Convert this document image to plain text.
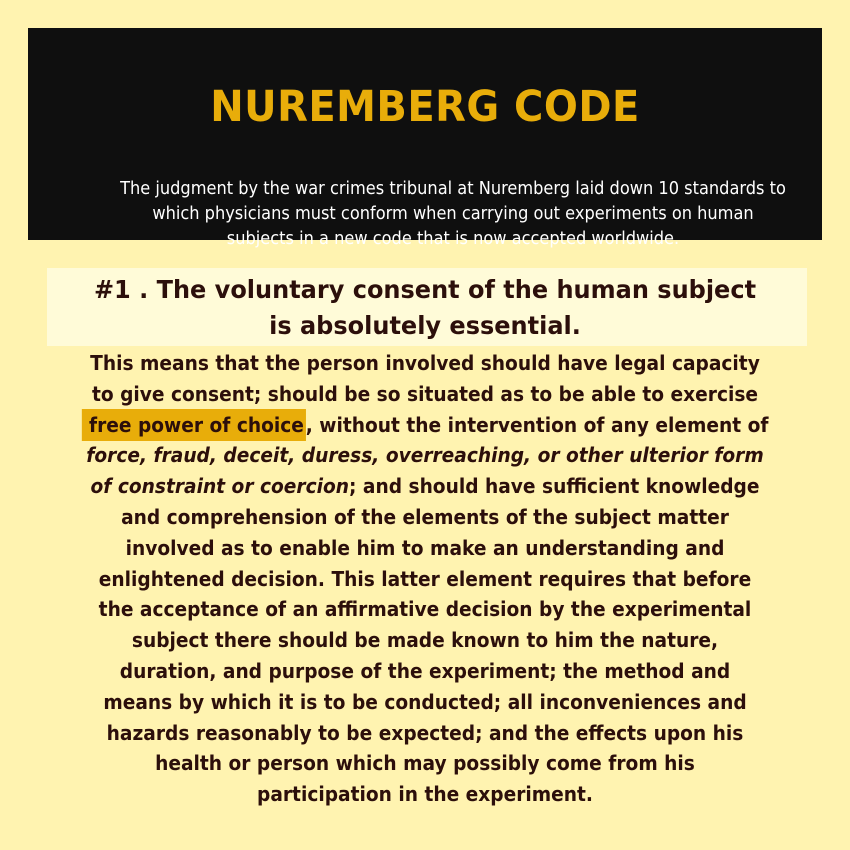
NUREMBERG CODE
The judgment by the war crimes tribunal at Nuremberg laid down 10 standards to
which physicians must conform when carrying out experiments on human
subjects in a new code that is now accepted worldwide.
#1 . The voluntary consent of the human subject
is absolutely essential.
This means that the person involved should have legal capacity
to give consent; should be so situated as to be able to exercise
free power of choice, without the intervention of any element of
force, fraud, deceit, duress, overreaching, or other ulterior form
of constraint or coercion; and should have sufficient knowledge
and comprehension of the elements of the subject matter
involved as to enable him to make an understanding and
enlightened decision. This latter element requires that before
the acceptance of an affirmative decision by the experimental
subject there should be made known to him the nature,
duration, and purpose of the experiment; the method and
means by which it is to be conducted; all inconveniences and
hazards reasonably to be expected; and the effects upon his
health or person which may possibly come from his
participation in the experiment.
